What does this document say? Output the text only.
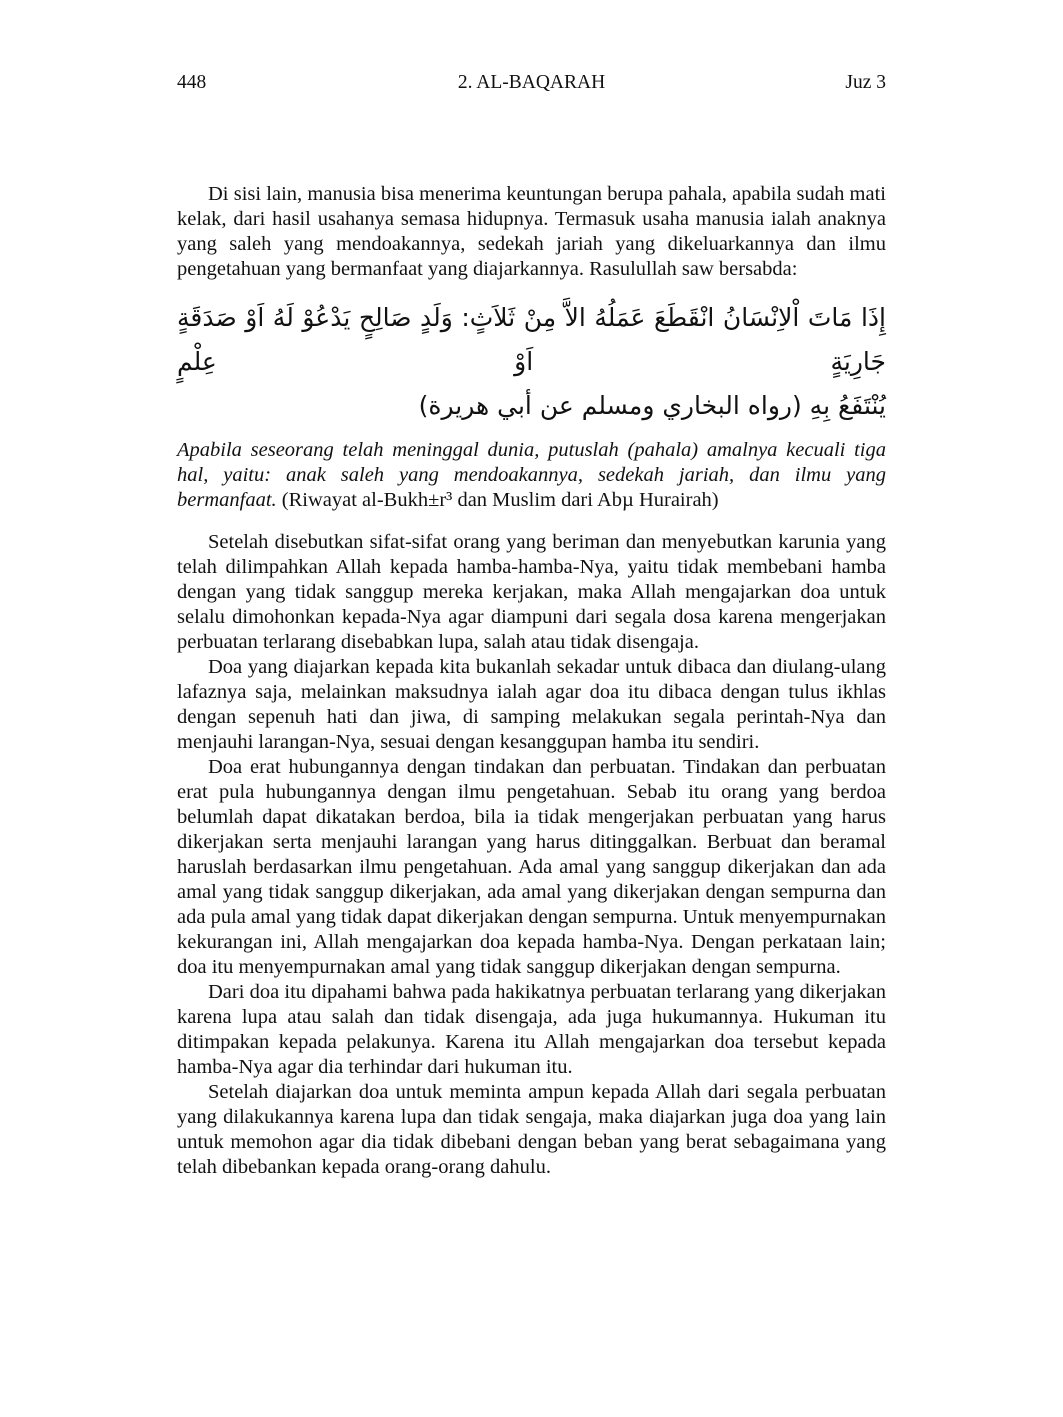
448	2. AL-BAQARAH	Juz 3

Di sisi lain, manusia bisa menerima keuntungan berupa pahala, apabila sudah mati kelak, dari hasil usahanya semasa hidupnya. Termasuk usaha manusia ialah anaknya yang saleh yang mendoakannya, sedekah jariah yang dikeluarkannya dan ilmu pengetahuan yang bermanfaat yang diajarkannya. Rasulullah saw bersabda:

إِذَا مَاتَ اْلاِنْسَانُ انْقَطَعَ عَمَلُهُ الاَّ مِنْ ثَلاَثٍ: وَلَدٍ صَالِحٍ يَدْعُوْ لَهُ اَوْ صَدَقَةٍ جَارِيَةٍ اَوْ عِلْمٍ
يُنْتَفَعُ بِهِ (رواه البخاري ومسلم عن أبي هريرة)
Apabila seseorang telah meninggal dunia, putuslah (pahala) amalnya kecuali tiga hal, yaitu: anak saleh yang mendoakannya, sedekah jariah, dan ilmu yang bermanfaat. (Riwayat al-Bukh±r³ dan Muslim dari Abµ Hurairah)

Setelah disebutkan sifat-sifat orang yang beriman dan menyebutkan karunia yang telah dilimpahkan Allah kepada hamba-hamba-Nya, yaitu tidak membebani hamba dengan yang tidak sanggup mereka kerjakan, maka Allah mengajarkan doa untuk selalu dimohonkan kepada-Nya agar diampuni dari segala dosa karena mengerjakan perbuatan terlarang disebabkan lupa, salah atau tidak disengaja.

Doa yang diajarkan kepada kita bukanlah sekadar untuk dibaca dan diulang-ulang lafaznya saja, melainkan maksudnya ialah agar doa itu dibaca dengan tulus ikhlas dengan sepenuh hati dan jiwa, di samping melakukan segala perintah-Nya dan menjauhi larangan-Nya, sesuai dengan kesanggupan hamba itu sendiri.

Doa erat hubungannya dengan tindakan dan perbuatan. Tindakan dan perbuatan erat pula hubungannya dengan ilmu pengetahuan. Sebab itu orang yang berdoa belumlah dapat dikatakan berdoa, bila ia tidak mengerjakan perbuatan yang harus dikerjakan serta menjauhi larangan yang harus ditinggalkan. Berbuat dan beramal haruslah berdasarkan ilmu pengetahuan. Ada amal yang sanggup dikerjakan dan ada amal yang tidak sanggup dikerjakan, ada amal yang dikerjakan dengan sempurna dan ada pula amal yang tidak dapat dikerjakan dengan sempurna. Untuk menyempurnakan kekurangan ini, Allah mengajarkan doa kepada hamba-Nya. Dengan perkataan lain; doa itu menyempurnakan amal yang tidak sanggup dikerjakan dengan sempurna.

Dari doa itu dipahami bahwa pada hakikatnya perbuatan terlarang yang dikerjakan karena lupa atau salah dan tidak disengaja, ada juga hukumannya. Hukuman itu ditimpakan kepada pelakunya. Karena itu Allah mengajarkan doa tersebut kepada hamba-Nya agar dia terhindar dari hukuman itu.

Setelah diajarkan doa untuk meminta ampun kepada Allah dari segala perbuatan yang dilakukannya karena lupa dan tidak sengaja, maka diajarkan juga doa yang lain untuk memohon agar dia tidak dibebani dengan beban yang berat sebagaimana yang telah dibebankan kepada orang-orang dahulu.
